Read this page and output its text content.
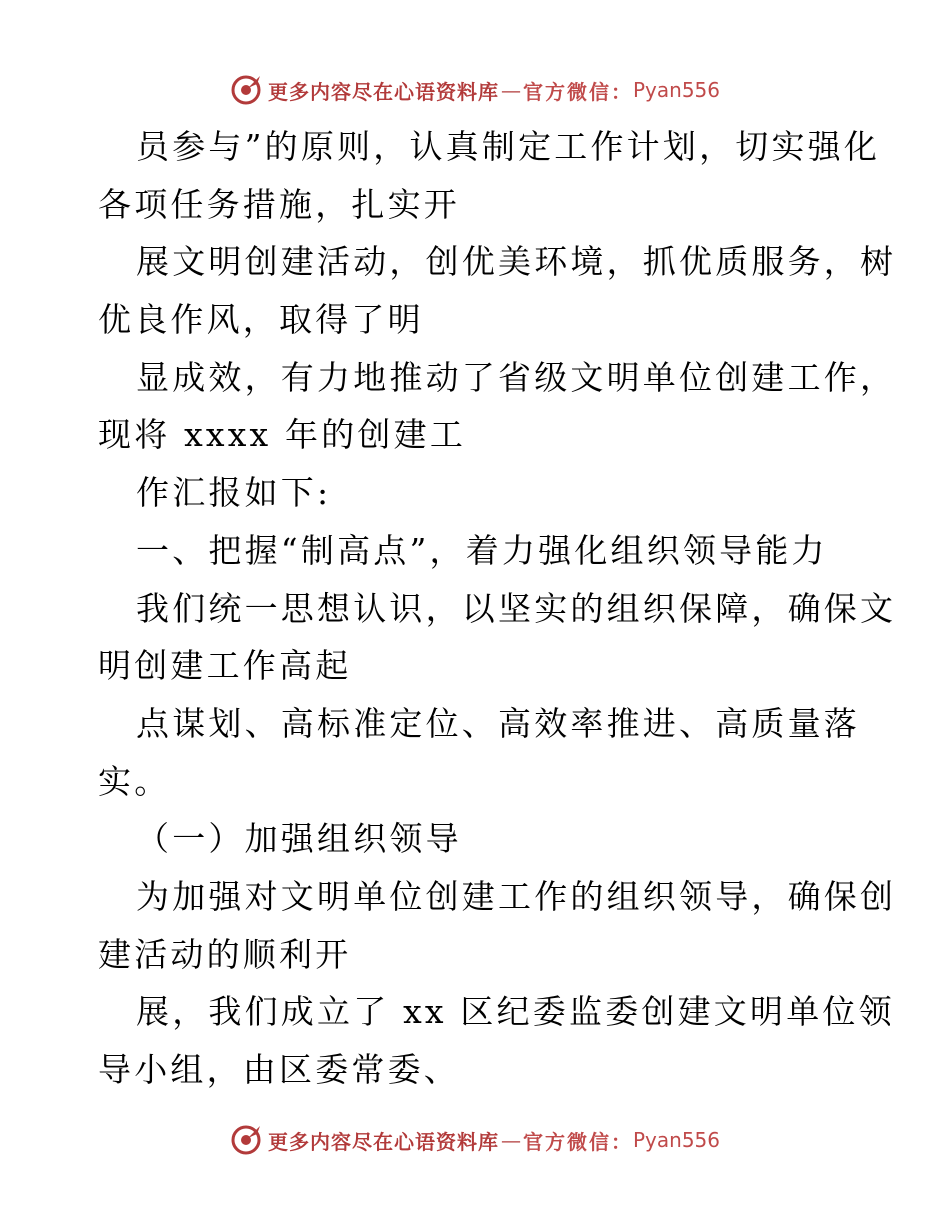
更多内容尽在心语资料库 — 官方微信： Pyan556
员参与”的原则，认真制定工作计划，切实强化
各项任务措施，扎实开
展文明创建活动，创优美环境，抓优质服务，树
优良作风，取得了明
显成效，有力地推动了省级文明单位创建工作，
现将 xxxx 年的创建工
作汇报如下:
一、把握“制高点”，着力强化组织领导能力
我们统一思想认识，以坚实的组织保障，确保文
明创建工作高起
点谋划、高标准定位、高效率推进、高质量落
实。
（一）加强组织领导
为加强对文明单位创建工作的组织领导，确保创
建活动的顺利开
展，我们成立了 xx 区纪委监委创建文明单位领
导小组，由区委常委、
更多内容尽在心语资料库 — 官方微信： Pyan556
